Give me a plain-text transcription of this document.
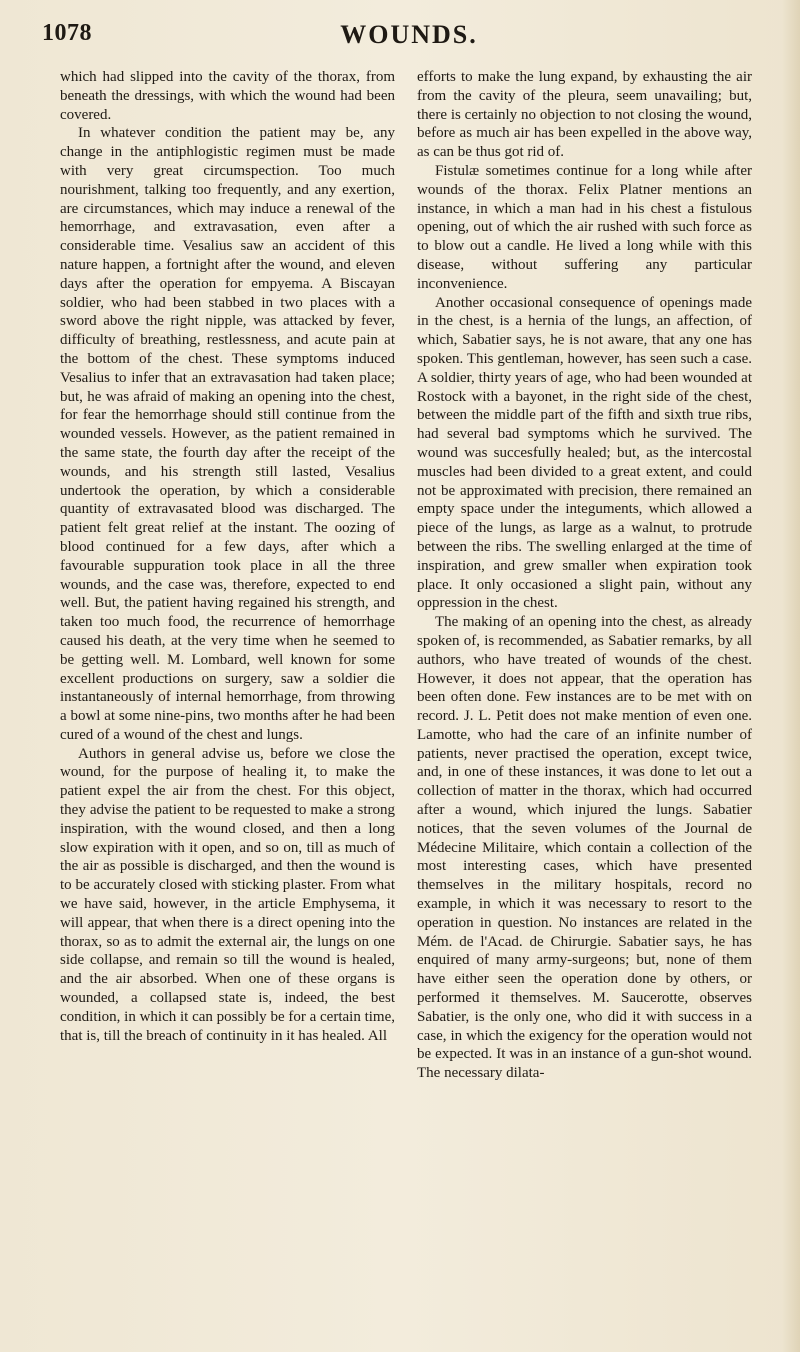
1078	WOUNDS.

which had slipped into the cavity of the thorax, from beneath the dressings, with which the wound had been covered.

In whatever condition the patient may be, any change in the antiphlogistic regimen must be made with very great circumspection. Too much nourishment, talking too frequently, and any exertion, are circumstances, which may induce a renewal of the hemorrhage, and extravasation, even after a considerable time. Vesalius saw an accident of this nature happen, a fortnight after the wound, and eleven days after the operation for empyema. A Biscayan soldier, who had been stabbed in two places with a sword above the right nipple, was attacked by fever, difficulty of breathing, restlessness, and acute pain at the bottom of the chest. These symptoms induced Vesalius to infer that an extravasation had taken place; but, he was afraid of making an opening into the chest, for fear the hemorrhage should still continue from the wounded vessels. However, as the patient remained in the same state, the fourth day after the receipt of the wounds, and his strength still lasted, Vesalius undertook the operation, by which a considerable quantity of extravasated blood was discharged. The patient felt great relief at the instant. The oozing of blood continued for a few days, after which a favourable suppuration took place in all the three wounds, and the case was, therefore, expected to end well. But, the patient having regained his strength, and taken too much food, the recurrence of hemorrhage caused his death, at the very time when he seemed to be getting well. M. Lombard, well known for some excellent productions on surgery, saw a soldier die instantaneously of internal hemorrhage, from throwing a bowl at some nine-pins, two months after he had been cured of a wound of the chest and lungs.

Authors in general advise us, before we close the wound, for the purpose of healing it, to make the patient expel the air from the chest. For this object, they advise the patient to be requested to make a strong inspiration, with the wound closed, and then a long slow expiration with it open, and so on, till as much of the air as possible is discharged, and then the wound is to be accurately closed with sticking plaster. From what we have said, however, in the article Emphysema, it will appear, that when there is a direct opening into the thorax, so as to admit the external air, the lungs on one side collapse, and remain so till the wound is healed, and the air absorbed. When one of these organs is wounded, a collapsed state is, indeed, the best condition, in which it can possibly be for a certain time, that is, till the breach of continuity in it has healed. All

efforts to make the lung expand, by exhausting the air from the cavity of the pleura, seem unavailing; but, there is certainly no objection to not closing the wound, before as much air has been expelled in the above way, as can be thus got rid of.

Fistulæ sometimes continue for a long while after wounds of the thorax. Felix Platner mentions an instance, in which a man had in his chest a fistulous opening, out of which the air rushed with such force as to blow out a candle. He lived a long while with this disease, without suffering any particular inconvenience.

Another occasional consequence of openings made in the chest, is a hernia of the lungs, an affection, of which, Sabatier says, he is not aware, that any one has spoken. This gentleman, however, has seen such a case. A soldier, thirty years of age, who had been wounded at Rostock with a bayonet, in the right side of the chest, between the middle part of the fifth and sixth true ribs, had several bad symptoms which he survived. The wound was succesfully healed; but, as the intercostal muscles had been divided to a great extent, and could not be approximated with precision, there remained an empty space under the integuments, which allowed a piece of the lungs, as large as a walnut, to protrude between the ribs. The swelling enlarged at the time of inspiration, and grew smaller when expiration took place. It only occasioned a slight pain, without any oppression in the chest.

The making of an opening into the chest, as already spoken of, is recommended, as Sabatier remarks, by all authors, who have treated of wounds of the chest. However, it does not appear, that the operation has been often done. Few instances are to be met with on record. J. L. Petit does not make mention of even one. Lamotte, who had the care of an infinite number of patients, never practised the operation, except twice, and, in one of these instances, it was done to let out a collection of matter in the thorax, which had occurred after a wound, which injured the lungs. Sabatier notices, that the seven volumes of the Journal de Médecine Militaire, which contain a collection of the most interesting cases, which have presented themselves in the military hospitals, record no example, in which it was necessary to resort to the operation in question. No instances are related in the Mém. de l'Acad. de Chirurgie. Sabatier says, he has enquired of many army-surgeons; but, none of them have either seen the operation done by others, or performed it themselves. M. Saucerotte, observes Sabatier, is the only one, who did it with success in a case, in which the exigency for the operation would not be expected. It was in an instance of a gun-shot wound. The necessary dilata-
